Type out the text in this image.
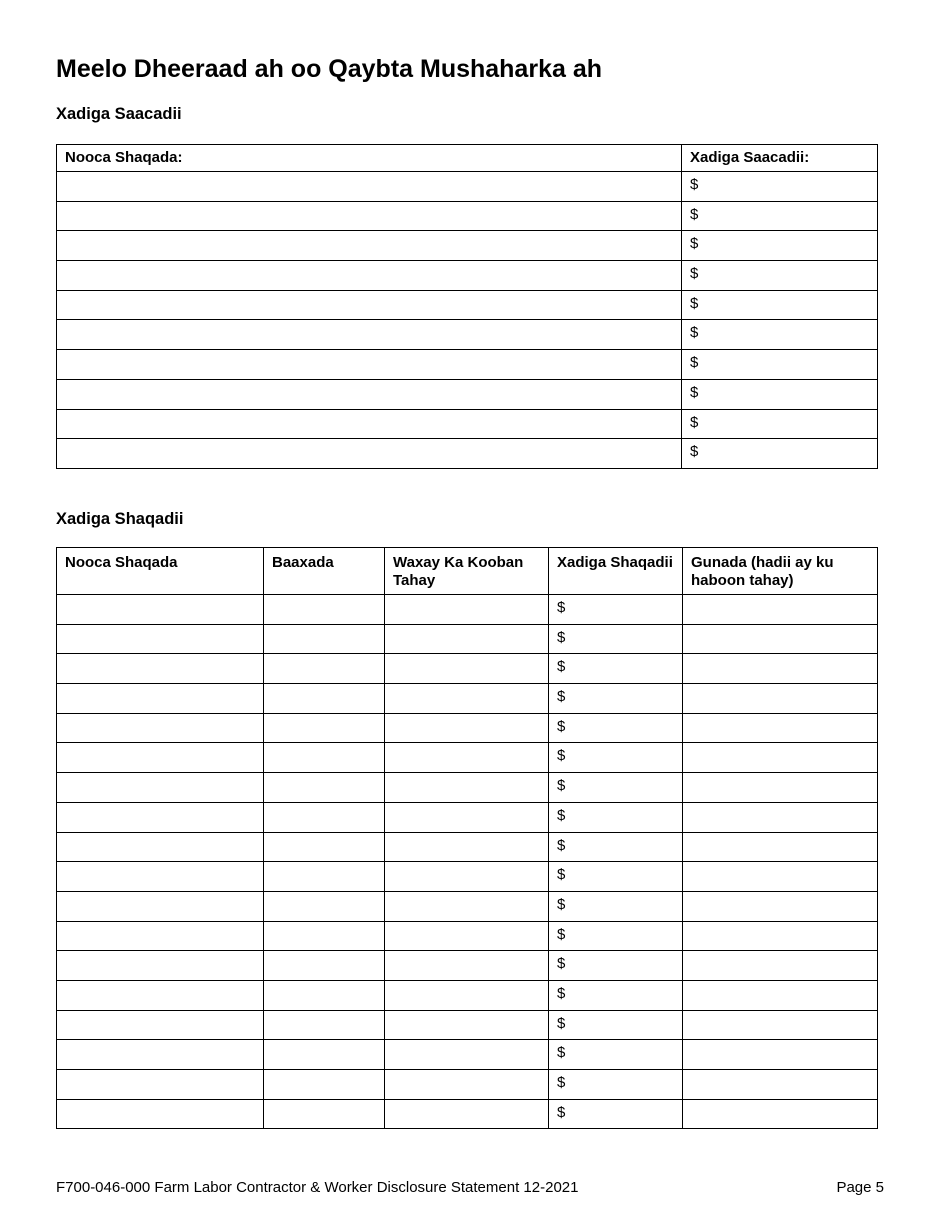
Meelo Dheeraad ah oo Qaybta Mushaharka ah
Xadiga Saacadii
Nooca Shaqada:	Xadiga Saacadii:
	$
	$
	$
	$
	$
	$
	$
	$
	$
	$
Xadiga Shaqadii
Nooca Shaqada	Baaxada	Waxay Ka Kooban Tahay	Xadiga Shaqadii	Gunada (hadii ay ku haboon tahay)
			$	
			$	
			$	
			$	
			$	
			$	
			$	
			$	
			$	
			$	
			$	
			$	
			$	
			$	
			$	
			$	
			$	
			$	
F700-046-000 Farm Labor Contractor & Worker Disclosure Statement 12-2021	Page 5
